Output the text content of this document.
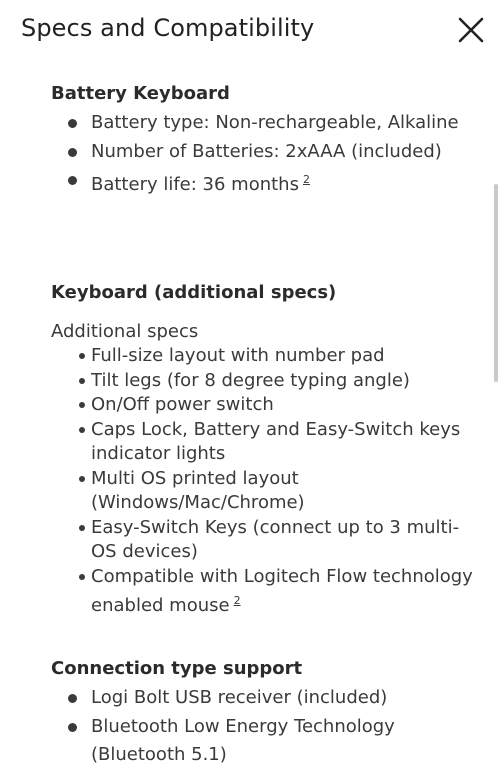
Specs and Compatibility
Battery Keyboard
Battery type: Non-rechargeable, Alkaline
Number of Batteries: 2xAAA (included)
Battery life: 36 months $^2$
Keyboard (additional specs)

Additional specs

Full-size layout with number pad
Tilt legs (for 8 degree typing angle)
On/Off power switch
Caps Lock, Battery and Easy-Switch keys indicator lights
Multi OS printed layout (Windows/Mac/Chrome)
Easy-Switch Keys (connect up to 3 multi-OS devices)
Compatible with Logitech Flow technology enabled mouse $^2$
Connection type support
Logi Bolt USB receiver (included)
Bluetooth Low Energy Technology (Bluetooth 5.1)
